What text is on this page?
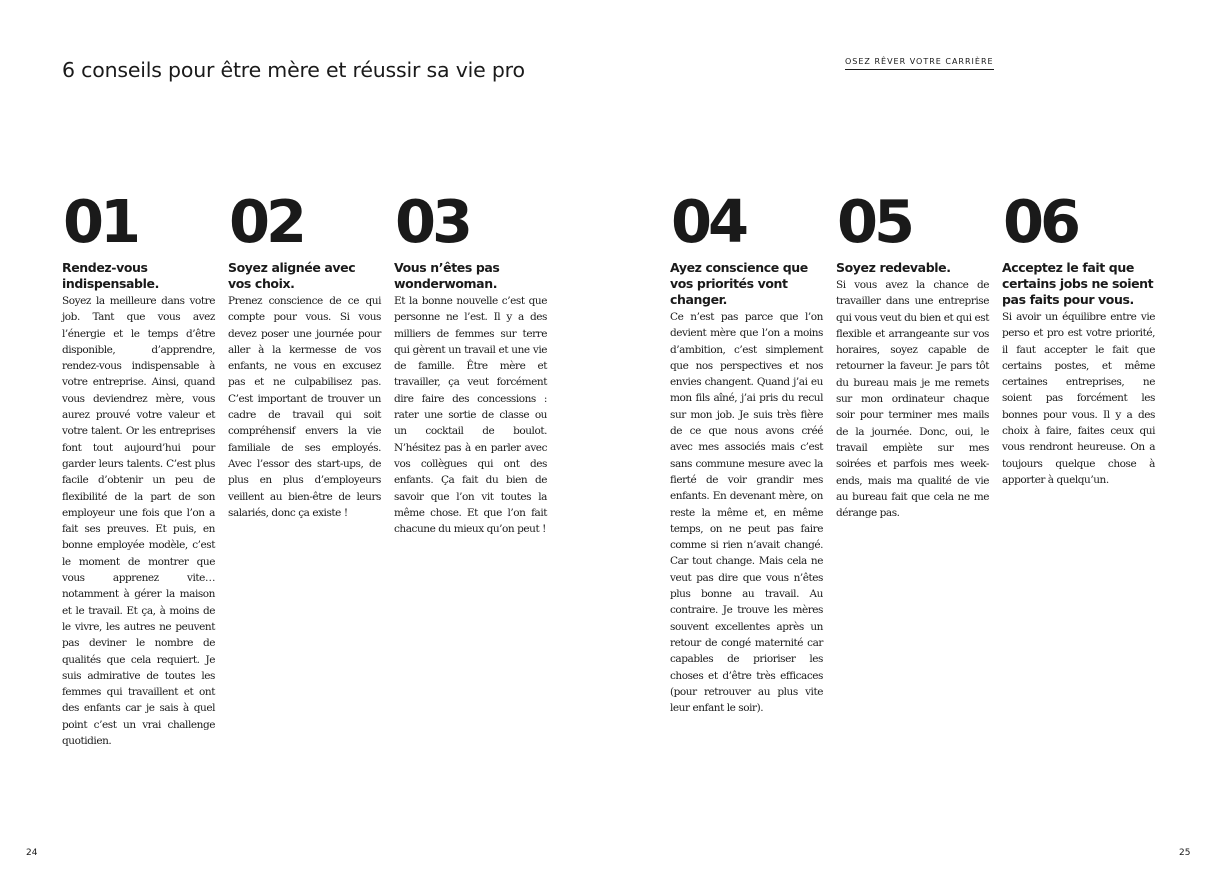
6 conseils pour être mère et réussir sa vie pro	OSEZ RÊVER VOTRE CARRIÈRE
01
Rendez-vous indispensable.

Soyez la meilleure dans votre job. Tant que vous avez l’énergie et le temps d’être disponible, d’apprendre, rendez-vous indispensable à votre entreprise. Ainsi, quand vous deviendrez mère, vous aurez prouvé votre valeur et votre talent. Or les entreprises font tout aujourd’hui pour garder leurs talents. C’est plus facile d’obtenir un peu de flexibilité de la part de son employeur une fois que l’on a fait ses preuves. Et puis, en bonne employée modèle, c’est le moment de montrer que vous apprenez vite… notamment à gérer la maison et le travail. Et ça, à moins de le vivre, les autres ne peuvent pas deviner le nombre de qualités que cela requiert. Je suis admirative de toutes les femmes qui travaillent et ont des enfants car je sais à quel point c’est un vrai challenge quotidien.

02
Soyez alignée avec vos choix.

Prenez conscience de ce qui compte pour vous. Si vous devez poser une journée pour aller à la kermesse de vos enfants, ne vous en excusez pas et ne culpabilisez pas. C’est important de trouver un cadre de travail qui soit compréhensif envers la vie familiale de ses employés. Avec l’essor des start-ups, de plus en plus d’employeurs veillent au bien-être de leurs salariés, donc ça existe !

03
Vous n’êtes pas wonderwoman.

Et la bonne nouvelle c’est que personne ne l’est. Il y a des milliers de femmes sur terre qui gèrent un travail et une vie de famille. Être mère et travailler, ça veut forcément dire faire des concessions : rater une sortie de classe ou un cocktail de boulot. N’hésitez pas à en parler avec vos collègues qui ont des enfants. Ça fait du bien de savoir que l’on vit toutes la même chose. Et que l’on fait chacune du mieux qu’on peut !

04
Ayez conscience que vos priorités vont changer.

Ce n’est pas parce que l’on devient mère que l’on a moins d’ambition, c’est simplement que nos perspectives et nos envies changent. Quand j’ai eu mon fils aîné, j’ai pris du recul sur mon job. Je suis très fière de ce que nous avons créé avec mes associés mais c’est sans commune mesure avec la fierté de voir grandir mes enfants. En devenant mère, on reste la même et, en même temps, on ne peut pas faire comme si rien n’avait changé. Car tout change. Mais cela ne veut pas dire que vous n’êtes plus bonne au travail. Au contraire. Je trouve les mères souvent excellentes après un retour de congé maternité car capables de prioriser les choses et d’être très efficaces (pour retrouver au plus vite leur enfant le soir).

05
Soyez redevable.

Si vous avez la chance de travailler dans une entreprise qui vous veut du bien et qui est flexible et arrangeante sur vos horaires, soyez capable de retourner la faveur. Je pars tôt du bureau mais je me remets sur mon ordinateur chaque soir pour terminer mes mails de la journée. Donc, oui, le travail empiète sur mes soirées et parfois mes week-ends, mais ma qualité de vie au bureau fait que cela ne me dérange pas.

06
Acceptez le fait que certains jobs ne soient pas faits pour vous.

Si avoir un équilibre entre vie perso et pro est votre priorité, il faut accepter le fait que certains postes, et même certaines entreprises, ne soient pas forcément les bonnes pour vous. Il y a des choix à faire, faites ceux qui vous rendront heureuse. On a toujours quelque chose à apporter à quelqu’un.

24	25
